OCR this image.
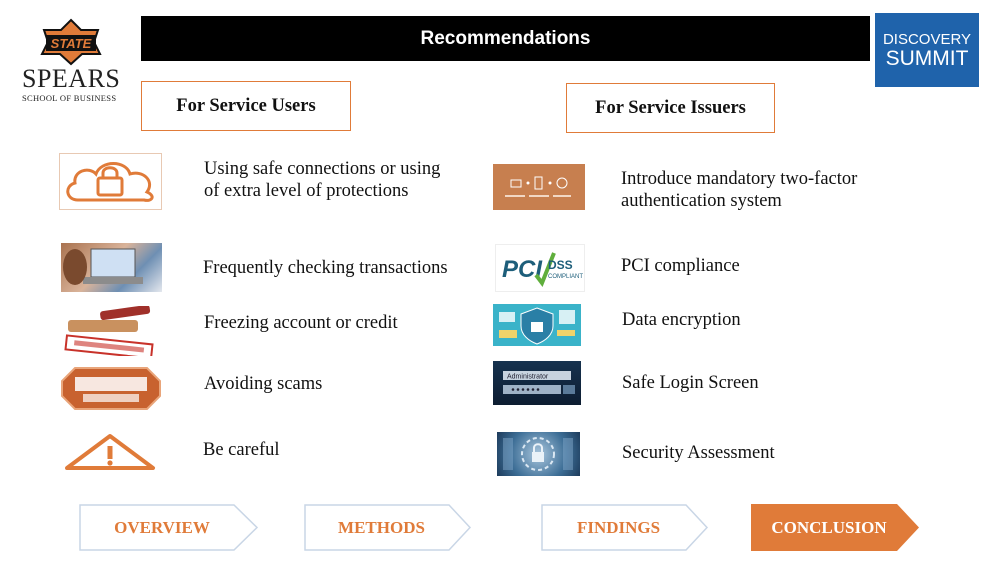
STATE
SPEARS
SCHOOL OF BUSINESS
Recommendations	DISCOVERY
SUMMIT
For Service Users	For Service Issuers
Using safe connections or using
of extra level of protections
Frequently checking transactions
Freezing account or credit
Avoiding scams
Be careful
Introduce mandatory two-factor
authentication system
PCI DSS
COMPLIANT
PCI compliance
Data encryption
Administrator	Safe Login Screen
Security Assessment
OVERVIEW	METHODS	FINDINGS	CONCLUSION
